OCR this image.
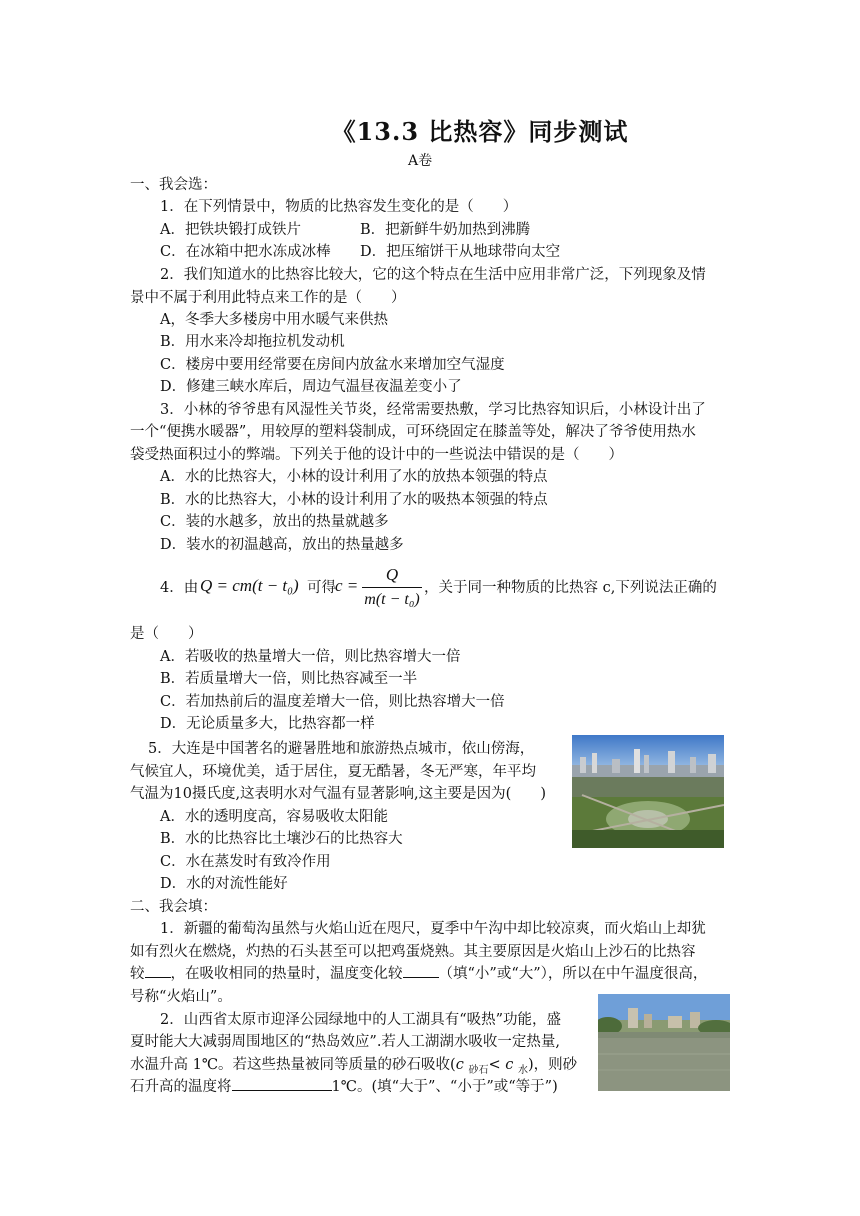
《13.3 比热容》同步测试
A卷
一、我会选：
1．在下列情景中，物质的比热容发生变化的是（　　）
A．把铁块锻打成铁片	B．把新鲜牛奶加热到沸腾
C．在冰箱中把水冻成冰棒 D．把压缩饼干从地球带向太空
2．我们知道水的比热容比较大，它的这个特点在生活中应用非常广泛，下列现象及情
景中不属于利用此特点来工作的是（　　）
A，冬季大多楼房中用水暖气来供热
B．用水来冷却拖拉机发动机
C．楼房中要用经常要在房间内放盆水来增加空气湿度
D．修建三峡水库后，周边气温昼夜温差变小了
3．小林的爷爷患有风湿性关节炎，经常需要热敷，学习比热容知识后，小林设计出了
一个“便携水暖器”，用较厚的塑料袋制成，可环绕固定在膝盖等处，解决了爷爷使用热水
袋受热面积过小的弊端。下列关于他的设计中的一些说法中错误的是（　　）
A．水的比热容大，小林的设计利用了水的放热本领强的特点
B．水的比热容大，小林的设计利用了水的吸热本领强的特点
C．装的水越多，放出的热量就越多
D．装水的初温越高，放出的热量越多
4．由 Q = cm(t − t₀) 可得 c =
Q
m(t − t₀)
，关于同一种物质的比热容 c,下列说法正确的
是（　　）
A．若吸收的热量增大一倍，则比热容增大一倍
B．若质量增大一倍，则比热容减至一半
C．若加热前后的温度差增大一倍，则比热容增大一倍
D．无论质量多大，比热容都一样
5．大连是中国著名的避暑胜地和旅游热点城市，依山傍海，
气候宜人，环境优美，适于居住，夏无酷暑，冬无严寒，年平均
气温为10摄氏度,这表明水对气温有显著影响,这主要是因为(　　)
A．水的透明度高，容易吸收太阳能
B．水的比热容比土壤沙石的比热容大
C．水在蒸发时有致冷作用
D．水的对流性能好
二、我会填：
1．新疆的葡萄沟虽然与火焰山近在咫尺，夏季中午沟中却比较凉爽，而火焰山上却犹
如有烈火在燃烧，灼热的石头甚至可以把鸡蛋烧熟。其主要原因是火焰山上沙石的比热容
较 ，在吸收相同的热量时，温度变化较 （填“小”或“大”），所以在中午温度很高，
号称“火焰山”。
2．山西省太原市迎泽公园绿地中的人工湖具有“吸热”功能，盛
夏时能大大减弱周围地区的“热岛效应”.若人工湖湖水吸收一定热量,
水温升高 1℃。若这些热量被同等质量的砂石吸收(c $_{砂石}$< c $_水$)，则砂
石升高的温度将	1℃。(填“大于”、“小于”或“等于”)
